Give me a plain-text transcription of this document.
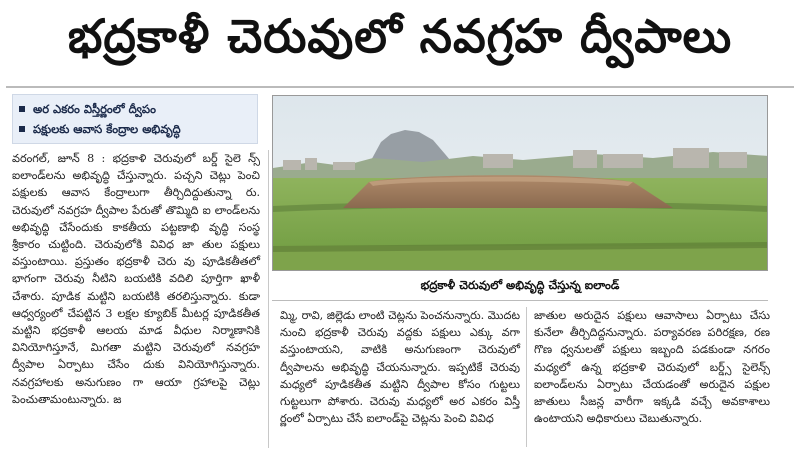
భద్రకాళీ చెరువులో నవగ్రహ ద్వీపాలు
అర ఎకరం విస్తీర్ణంలో ద్వీపం
పక్షులకు ఆవాస కేంద్రాల అభివృద్ధి
భద్రకాళీ చెరువులో అభివృద్ధి చేస్తున్న ఐలాండ్

వరంగల్‌, జూన్‌ 8 : భద్రకాళి చెరువులో బర్డ్‌ సైలె న్స్‌ ఐలాండ్‌లను అభివృద్ధి చేస్తున్నారు. పచ్చని చెట్లు పెంచి పక్షులకు ఆవాస కేంద్రాలుగా తీర్చిదిద్దుతున్నా రు. చెరువులో నవగ్రహ ద్వీపాల పేరుతో తొమ్మిది ఐ లాండ్‌లను అభివృద్ధి చేసేందుకు కాకతీయ పట్టణాభి వృద్ధి సంస్థ శ్రీకారం చుట్టింది. చెరువులోకి వివిధ జా తుల పక్షులు వస్తుంటాయి. ప్రస్తుతం భద్రకాళీ చెరు వు పూడికతీతలో భాగంగా చెరువు నీటిని బయటికి వదిలి పూర్తిగా ఖాళీ చేశారు. పూడిక మట్టిని బయటికి తరలిస్తున్నారు. కుడా ఆధ్వర్యంలో చేపట్టిన 3 లక్షల క్యూబిక్‌ మీటర్ల పూడికతీత మట్టిని భద్రకాళీ ఆలయ మాడ వీధుల నిర్మాణానికి వినియోగిస్తూనే, మిగతా మట్టిని చెరువులో నవగ్రహ ద్వీపాల ఏర్పాటు చేసేం దుకు వినియోగిస్తున్నారు. నవగ్రహాలకు అనుగుణం గా ఆయా గ్రహాలపై చెట్లు పెంచుతామంటున్నారు. జ

మ్మి, రావి, జిల్లెడు లాంటి చెట్లను పెంచనున్నారు. మొదట నుంచి భద్రకాళీ చెరువు వద్దకు పక్షులు ఎక్కు వగా వస్తుంటాయని, వాటికి అనుగుణంగా చెరువులో ద్వీపాలను అభివృద్ధి చేయనున్నారు. ఇప్పటికే చెరువు మధ్యలో పూడికతీత మట్టిని ద్వీపాల కోసం గుట్టలు గుట్టలుగా పోశారు. చెరువు మధ్యలో అర ఎకరం విస్తీ ర్ణంలో ఏర్పాటు చేసే ఐలాండ్‌పై చెట్లను పెంచి వివిధ

జాతుల అరుదైన పక్షులు ఆవాసాలు ఏర్పాటు చేసు కునేలా తీర్చిదిద్దనున్నారు. పర్యావరణ పరిరక్షణ, రణ గొణ ధ్వనులతో పక్షులు ఇబ్బంది పడకుండా నగరం మధ్యలో ఉన్న భద్రకాళి చెరువులో బర్డ్స్‌ సైలెన్స్‌ ఐలాండ్‌లను ఏర్పాటు చేయడంతో అరుదైన పక్షుల జాతులు సీజన్ల వారీగా ఇక్కడి వచ్చే అవకాశాలు ఉంటాయని అధికారులు చెబుతున్నారు.
